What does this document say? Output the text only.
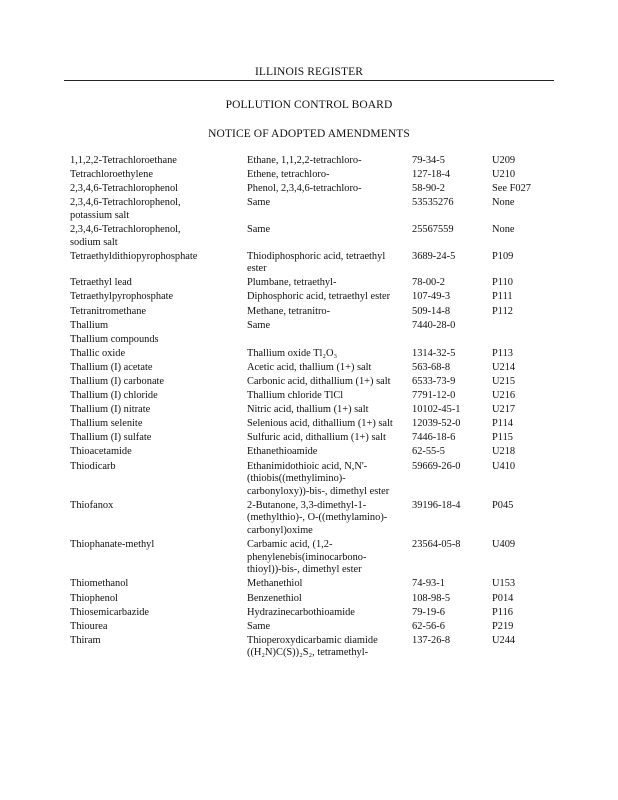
ILLINOIS REGISTER
POLLUTION CONTROL BOARD
NOTICE OF ADOPTED AMENDMENTS
1,1,2,2-Tetrachloroethane	Ethane, 1,1,2,2-tetrachloro-	79-34-5	U209

Tetrachloroethylene	Ethene, tetrachloro-	127-18-4	U210

2,3,4,6-Tetrachlorophenol	Phenol, 2,3,4,6-tetrachloro-	58-90-2	See F027

2,3,4,6-Tetrachlorophenol,
potassium salt	Same	53535276	None

2,3,4,6-Tetrachlorophenol,
sodium salt	Same	25567559	None

Tetraethyldithiopyrophosphate	Thiodiphosphoric acid, tetraethyl
ester	3689-24-5	P109

Tetraethyl lead	Plumbane, tetraethyl-	78-00-2	P110

Tetraethylpyrophosphate	Diphosphoric acid, tetraethyl ester	107-49-3	P111

Tetranitromethane	Methane, tetranitro-	509-14-8	P112

Thallium	Same	7440-28-0	

Thallium compounds			

Thallic oxide	Thallium oxide Tl₂O₃	1314-32-5	P113

Thallium (I) acetate	Acetic acid, thallium (1+) salt	563-68-8	U214

Thallium (I) carbonate	Carbonic acid, dithallium (1+) salt	6533-73-9	U215

Thallium (I) chloride	Thallium chloride TlCl	7791-12-0	U216

Thallium (I) nitrate	Nitric acid, thallium (1+) salt	10102-45-1	U217

Thallium selenite	Selenious acid, dithallium (1+) salt	12039-52-0	P114

Thallium (I) sulfate	Sulfuric acid, dithallium (1+) salt	7446-18-6	P115

Thioacetamide	Ethanethioamide	62-55-5	U218

Thiodicarb	Ethanimidothioic acid, N,N'-
(thiobis((methylimino)-
carbonyloxy))-bis-, dimethyl ester	59669-26-0	U410

Thiofanox	2-Butanone, 3,3-dimethyl-1-
(methylthio)-, O-((methylamino)-
carbonyl)oxime	39196-18-4	P045

Thiophanate-methyl	Carbamic acid, (1,2-
phenylenebis(iminocarbono-
thioyl))-bis-, dimethyl ester	23564-05-8	U409

Thiomethanol	Methanethiol	74-93-1	U153

Thiophenol	Benzenethiol	108-98-5	P014

Thiosemicarbazide	Hydrazinecarbothioamide	79-19-6	P116

Thiourea	Same	62-56-6	P219

Thiram	Thioperoxydicarbamic diamide
((H₂N)C(S))₂S₂, tetramethyl-	137-26-8	U244
